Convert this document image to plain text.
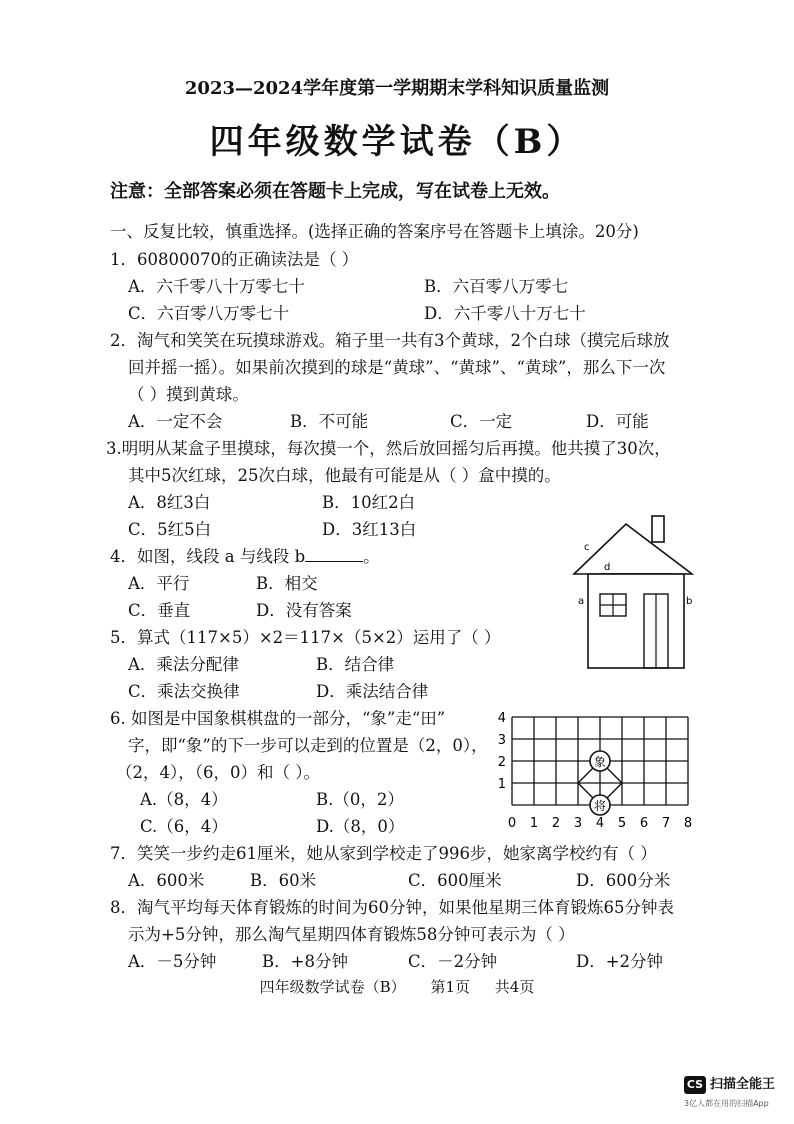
2023—2024学年度第一学期期末学科知识质量监测
四年级数学试卷（B）
注意：全部答案必须在答题卡上完成，写在试卷上无效。
一、反复比较，慎重选择。(选择正确的答案序号在答题卡上填涂。20分)
1．60800070的正确读法是（ ）
A．六千零八十万零七十	B．六百零八万零七
C．六百零八万零七十	D．六千零八十万七十
2．淘气和笑笑在玩摸球游戏。箱子里一共有3个黄球，2个白球（摸完后球放
回并摇一摇）。如果前次摸到的球是“黄球”、“黄球”、“黄球”，那么下一次
（ ）摸到黄球。
A．一定不会	B．不可能	C．一定	D．可能
3.明明从某盒子里摸球，每次摸一个，然后放回摇匀后再摸。他共摸了30次，
其中5次红球，25次白球，他最有可能是从（ ）盒中摸的。
A．8红3白	B．10红2白
C．5红5白	D．3红13白
4．如图，线段 a 与线段 b	。
A．平行	B．相交
C．垂直	D．没有答案
c
d
a	b
5．算式（117×5）×2＝117×（5×2）运用了（ ）
A．乘法分配律	B．结合律
C．乘法交换律	D．乘法结合律
6. 如图是中国象棋棋盘的一部分，“象”走“田”
字，即“象”的下一步可以走到的位置是（2，0），
（2，4），（6，0）和（ ）。
A.（8，4）	B.（0，2）
C.（6，4）	D.（8，0）
象
将
0 1 2 3 4 5 6 7 8
1
2
3
4
7．笑笑一步约走61厘米，她从家到学校走了996步，她家离学校约有（ ）
A．600米	B．60米	C．600厘米	D．600分米
8．淘气平均每天体育锻炼的时间为60分钟，如果他星期三体育锻炼65分钟表
示为+5分钟，那么淘气星期四体育锻炼58分钟可表示为（ ）
A．－5分钟	B．+8分钟	C．－2分钟	D．+2分钟
四年级数学试卷（B） 第1页 共4页
CS 扫描全能王
3亿人都在用的扫描App
